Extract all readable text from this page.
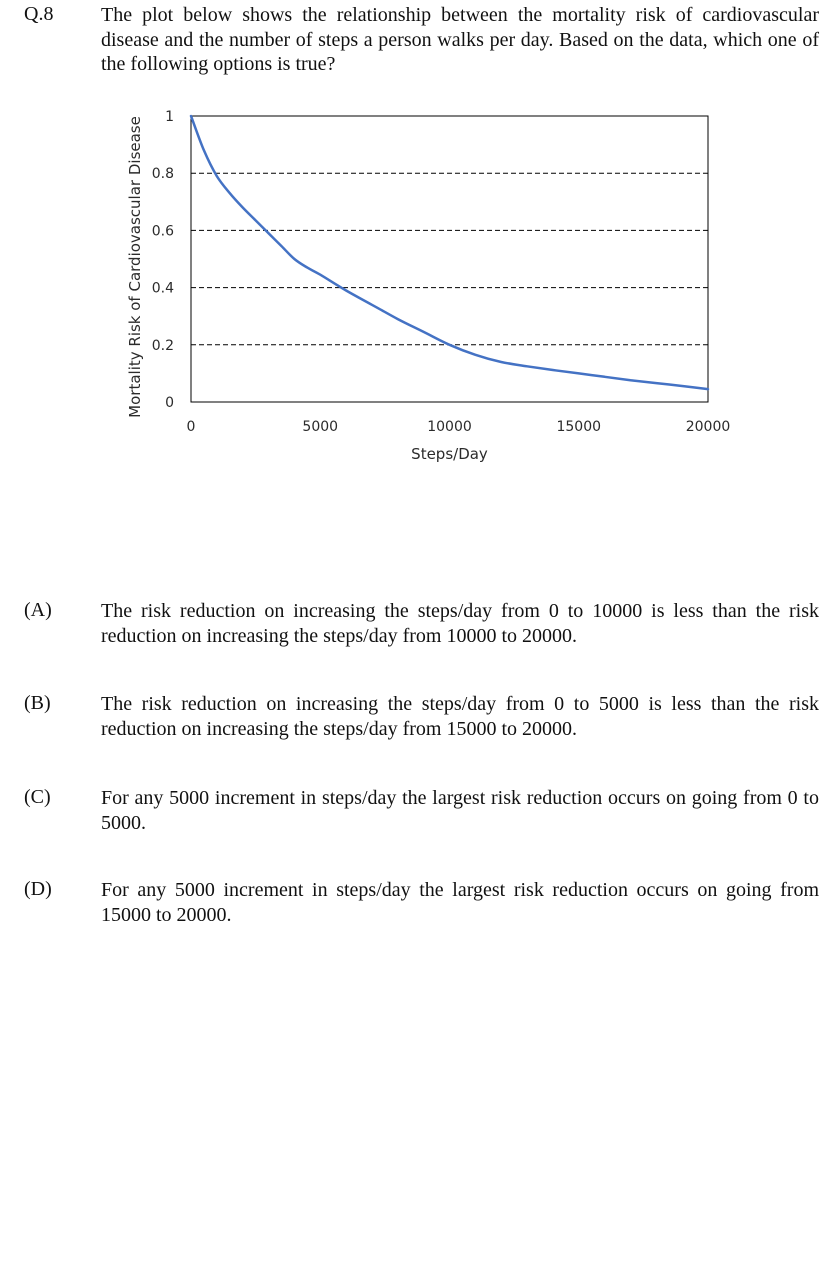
Q.8 The plot below shows the relationship between the mortality risk of cardiovascular disease and the number of steps a person walks per day. Based on the data, which one of the following options is true?
0
0.2
0.4
0.6
0.8
1
0	5000	10000	15000	20000
Steps/Day
Mortality Risk of Cardiovascular Disease
(A) The risk reduction on increasing the steps/day from 0 to 10000 is less than the risk reduction on increasing the steps/day from 10000 to 20000.
(B)	The risk reduction on increasing the steps/day from 0 to 5000 is less than the risk reduction on increasing the steps/day from 15000 to 20000.
(C)	For any 5000 increment in steps/day the largest risk reduction occurs on going from 0 to 5000.
(D) For any 5000 increment in steps/day the largest risk reduction occurs on going from 15000 to 20000.
